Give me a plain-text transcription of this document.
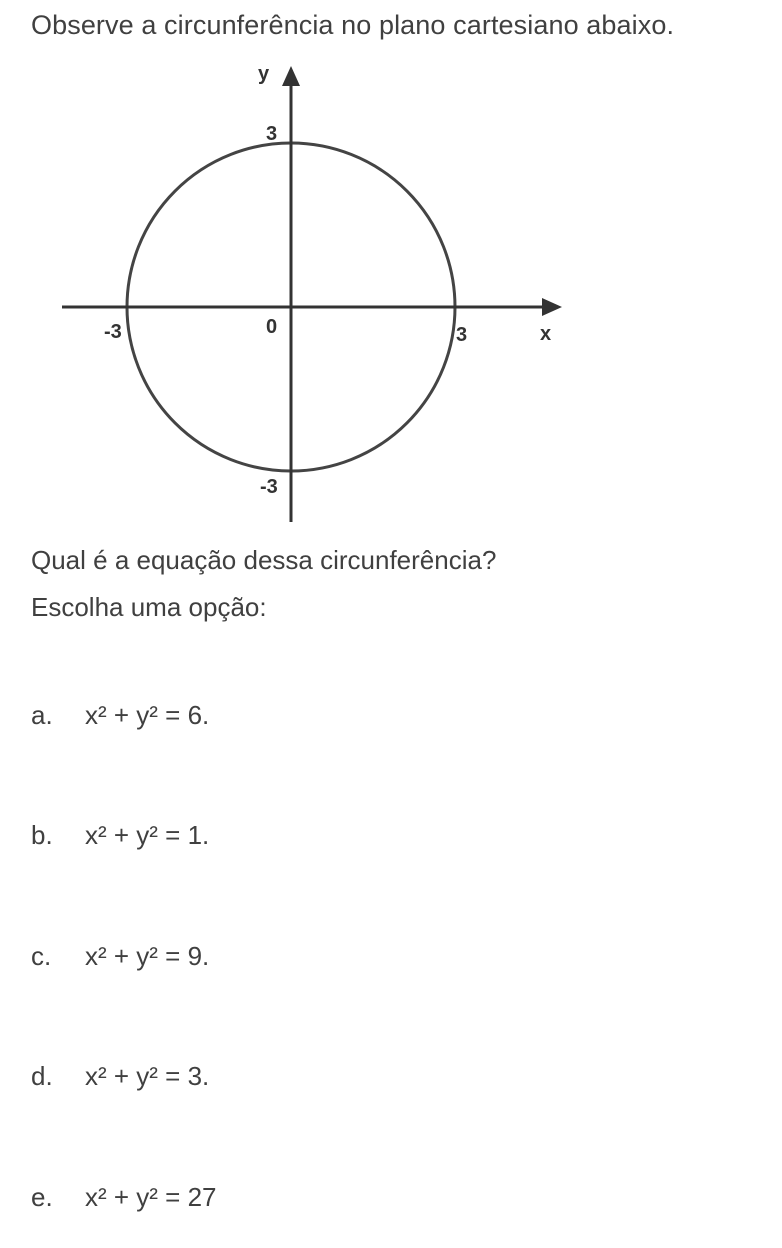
Observe a circunferência no plano cartesiano abaixo.
y
3
-3	0	3	x
-3
Qual é a equação dessa circunferência?
Escolha uma opção:
a. x² + y² = 6.
b. x² + y² = 1.
c. x² + y² = 9.
d. x² + y² = 3.
e. x² + y² = 27
